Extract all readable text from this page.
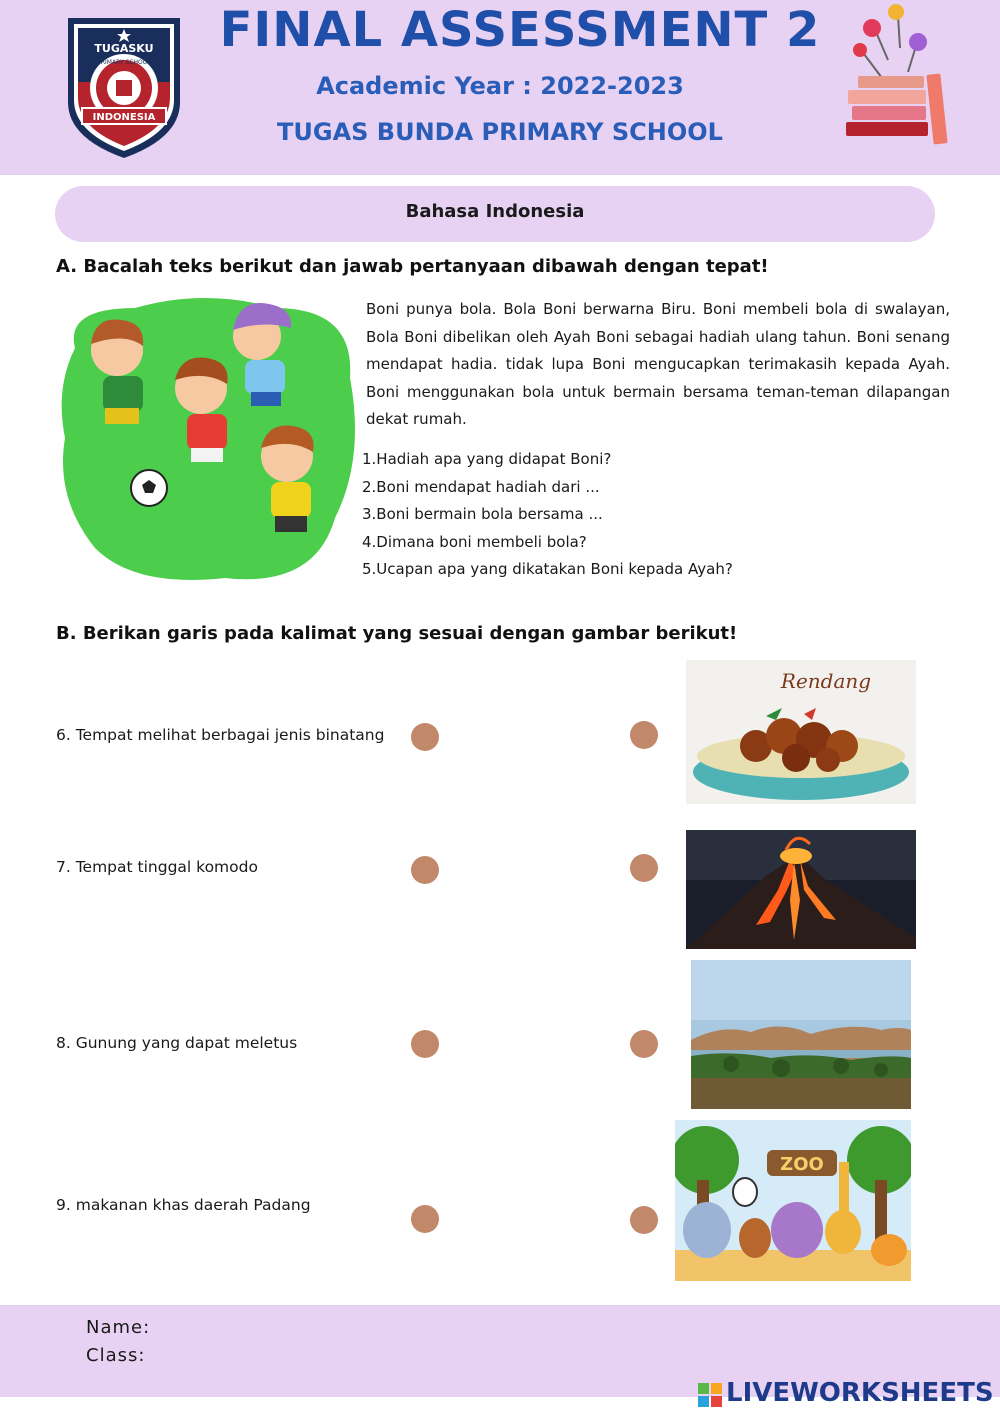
TUGASKU
PRIMARY SCHOOL
INDONESIA
FINAL ASSESSMENT 2
Academic Year : 2022-2023
TUGAS BUNDA PRIMARY SCHOOL
Bahasa Indonesia
A. Bacalah teks berikut dan jawab pertanyaan dibawah dengan tepat!
Boni punya bola. Bola Boni berwarna Biru. Boni membeli bola di swalayan, Bola Boni dibelikan oleh Ayah Boni sebagai hadiah ulang tahun. Boni senang mendapat hadia. tidak lupa Boni mengucapkan terimakasih kepada Ayah. Boni menggunakan bola untuk bermain bersama teman-teman dilapangan dekat rumah.
1.Hadiah apa yang didapat Boni?
2.Boni mendapat hadiah dari ...
3.Boni bermain bola bersama ...
4.Dimana boni membeli bola?
5.Ucapan apa yang dikatakan Boni kepada Ayah?
B. Berikan garis pada kalimat yang sesuai dengan gambar berikut!
6. Tempat melihat berbagai jenis binatang
7. Tempat tinggal komodo
8. Gunung yang dapat meletus
9. makanan khas daerah Padang
Rendang
ZOO
Name:
Class:
LIVEWORKSHEETS
